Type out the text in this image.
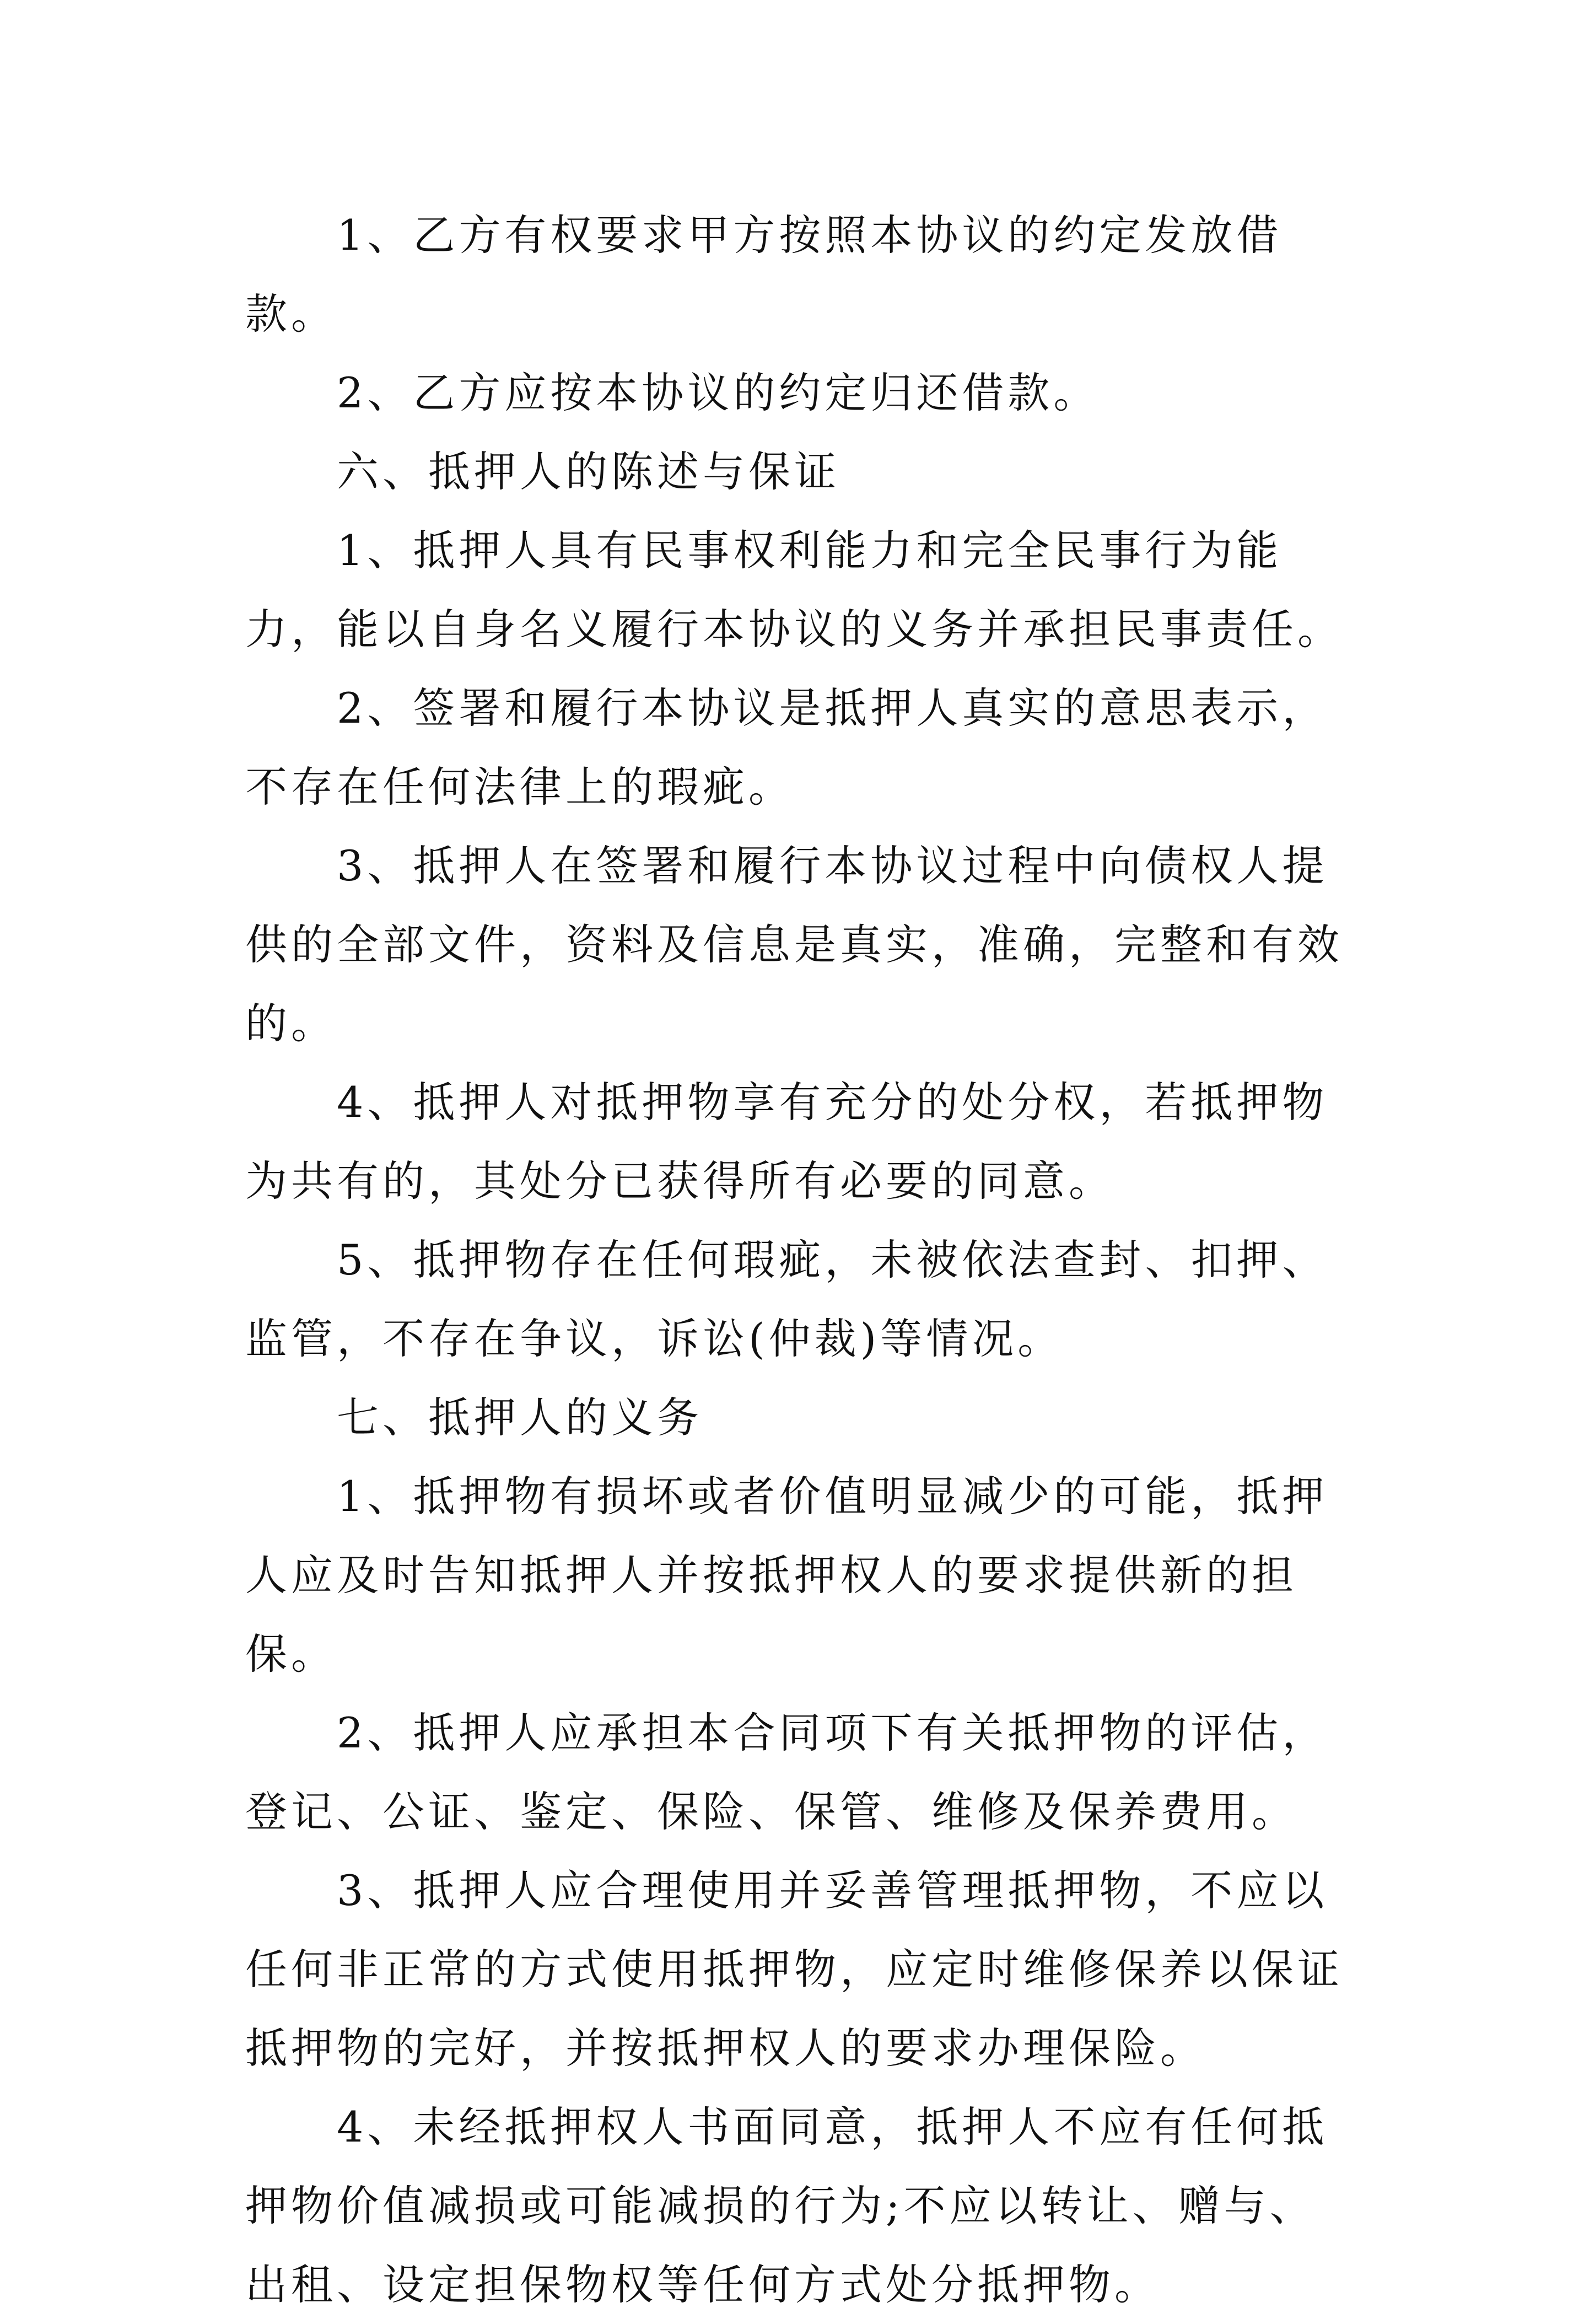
1、乙方有权要求甲方按照本协议的约定发放借款。

2、乙方应按本协议的约定归还借款。

六、抵押人的陈述与保证

1、抵押人具有民事权利能力和完全民事行为能力，能以自身名义履行本协议的义务并承担民事责任。

2、签署和履行本协议是抵押人真实的意思表示，不存在任何法律上的瑕疵。

3、抵押人在签署和履行本协议过程中向债权人提供的全部文件，资料及信息是真实，准确，完整和有效的。

4、抵押人对抵押物享有充分的处分权，若抵押物为共有的，其处分已获得所有必要的同意。

5、抵押物存在任何瑕疵，未被依法查封、扣押、监管，不存在争议，诉讼(仲裁)等情况。

七、抵押人的义务

1、抵押物有损坏或者价值明显减少的可能，抵押人应及时告知抵押人并按抵押权人的要求提供新的担保。

2、抵押人应承担本合同项下有关抵押物的评估，登记、公证、鉴定、保险、保管、维修及保养费用。

3、抵押人应合理使用并妥善管理抵押物，不应以任何非正常的方式使用抵押物，应定时维修保养以保证抵押物的完好，并按抵押权人的要求办理保险。

4、未经抵押权人书面同意，抵押人不应有任何抵押物价值减损或可能减损的行为;不应以转让、赠与、出租、设定担保物权等任何方式处分抵押物。
